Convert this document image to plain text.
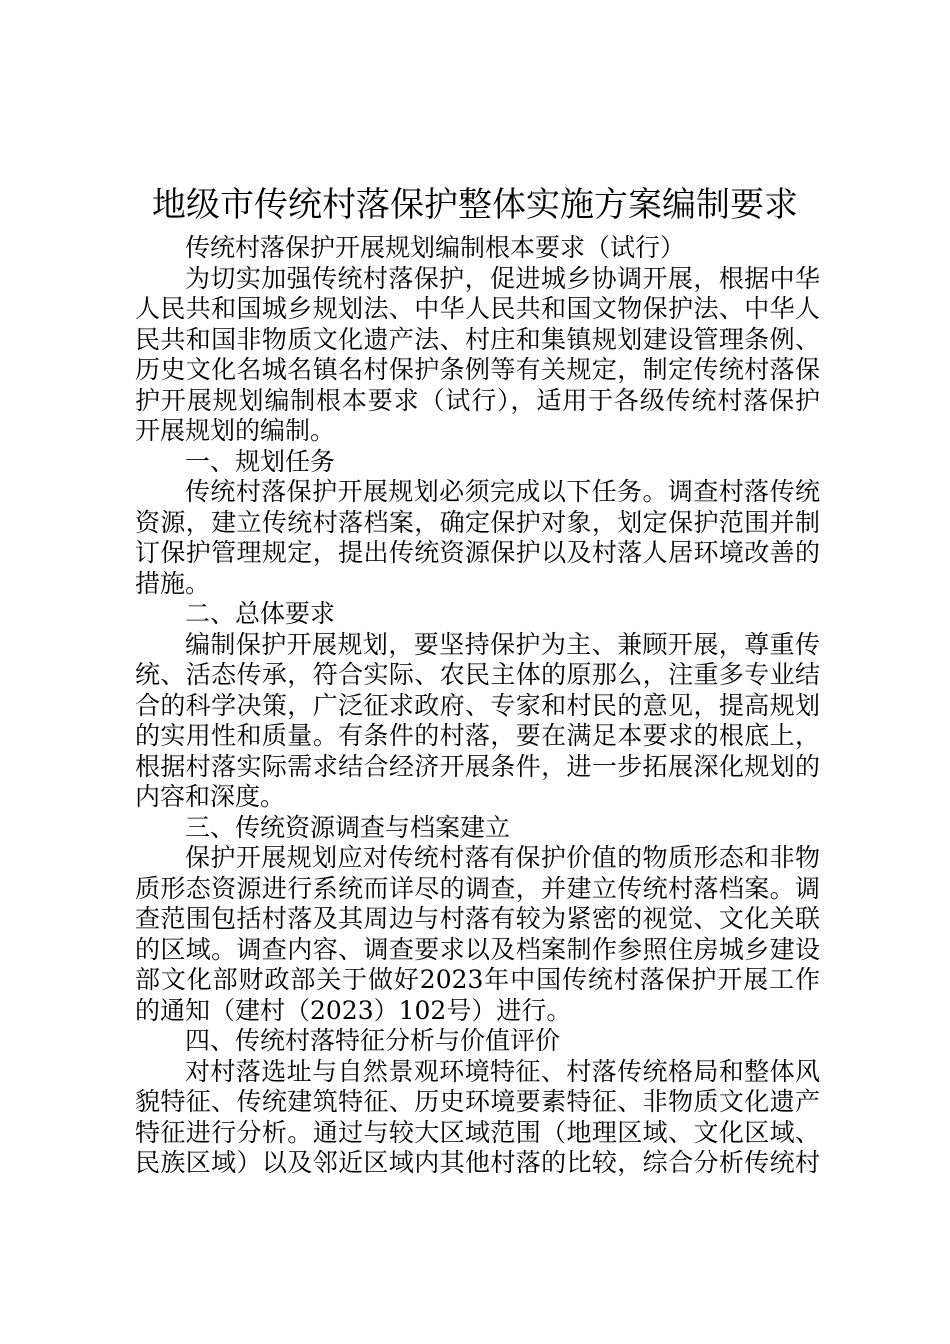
地级市传统村落保护整体实施方案编制要求
传统村落保护开展规划编制根本要求（试行）
为切实加强传统村落保护，促进城乡协调开展，根据中华
人民共和国城乡规划法、中华人民共和国文物保护法、中华人
民共和国非物质文化遗产法、村庄和集镇规划建设管理条例、
历史文化名城名镇名村保护条例等有关规定，制定传统村落保
护开展规划编制根本要求（试行），适用于各级传统村落保护
开展规划的编制。
一、规划任务
传统村落保护开展规划必须完成以下任务。调查村落传统
资源，建立传统村落档案，确定保护对象，划定保护范围并制
订保护管理规定，提出传统资源保护以及村落人居环境改善的
措施。
二、总体要求
编制保护开展规划，要坚持保护为主、兼顾开展，尊重传
统、活态传承，符合实际、农民主体的原那么，注重多专业结
合的科学决策，广泛征求政府、专家和村民的意见，提高规划
的实用性和质量。有条件的村落，要在满足本要求的根底上，
根据村落实际需求结合经济开展条件，进一步拓展深化规划的
内容和深度。
三、传统资源调查与档案建立
保护开展规划应对传统村落有保护价值的物质形态和非物
质形态资源进行系统而详尽的调查，并建立传统村落档案。调
查范围包括村落及其周边与村落有较为紧密的视觉、文化关联
的区域。调查内容、调查要求以及档案制作参照住房城乡建设
部文化部财政部关于做好2023年中国传统村落保护开展工作
的通知（建村（2023）102号）进行。
四、传统村落特征分析与价值评价
对村落选址与自然景观环境特征、村落传统格局和整体风
貌特征、传统建筑特征、历史环境要素特征、非物质文化遗产
特征进行分析。通过与较大区域范围（地理区域、文化区域、
民族区域）以及邻近区域内其他村落的比较，综合分析传统村
